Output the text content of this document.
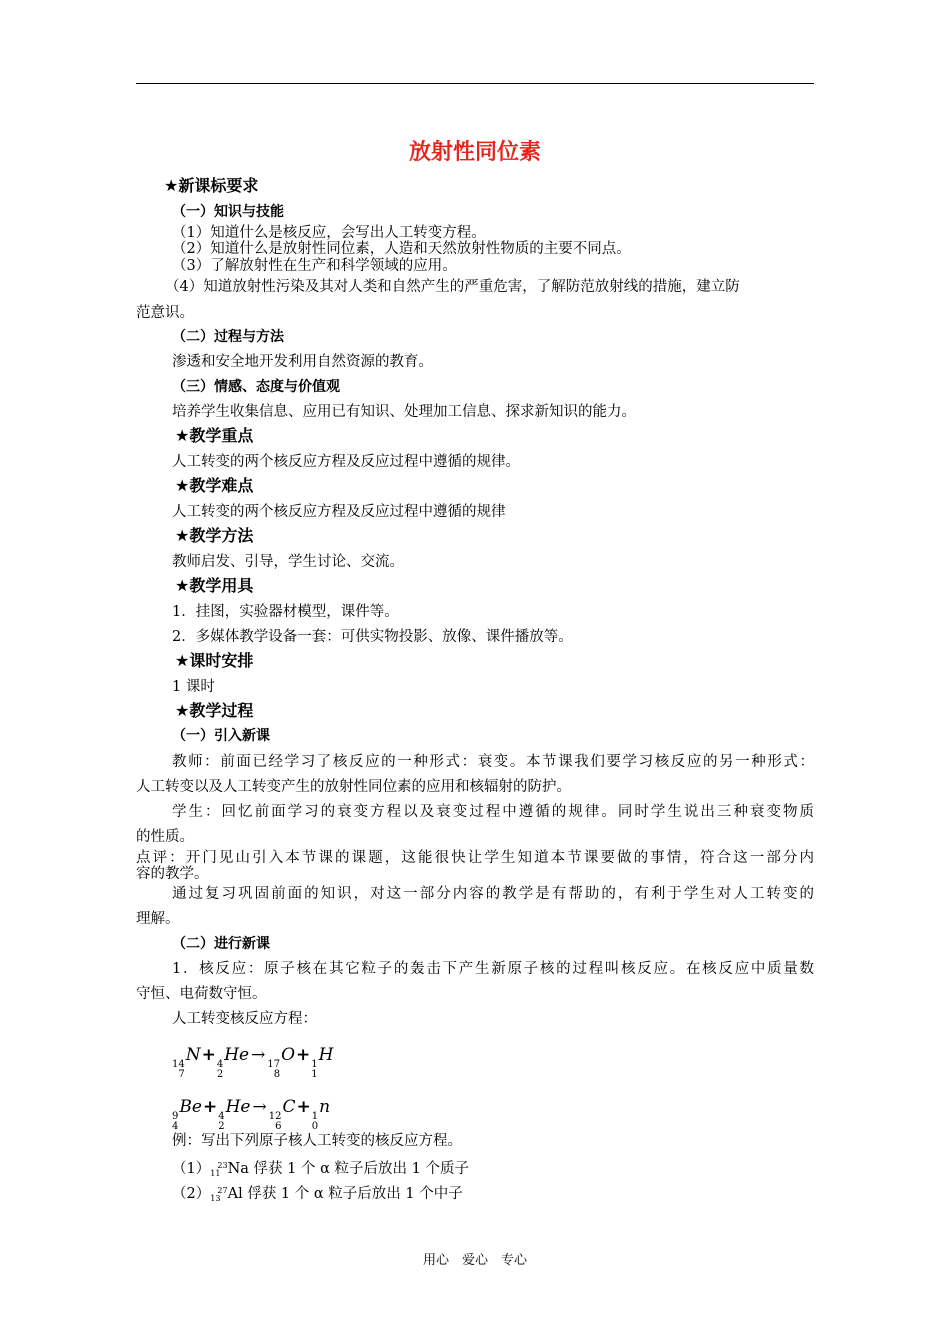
放射性同位素
★新课标要求
（一）知识与技能
（1）知道什么是核反应，会写出人工转变方程。
（2）知道什么是放射性同位素，人造和天然放射性物质的主要不同点。
（3）了解放射性在生产和科学领域的应用。
（4）知道放射性污染及其对人类和自然产生的严重危害，了解防范放射线的措施，建立防
范意识。
（二）过程与方法
渗透和安全地开发利用自然资源的教育。
（三）情感、态度与价值观
培养学生收集信息、应用已有知识、处理加工信息、探求新知识的能力。
★教学重点
人工转变的两个核反应方程及反应过程中遵循的规律。
★教学难点
人工转变的两个核反应方程及反应过程中遵循的规律
★教学方法
教师启发、引导，学生讨论、交流。
★教学用具
1．挂图，实验器材模型，课件等。
2．多媒体教学设备一套：可供实物投影、放像、课件播放等。
★课时安排
1 课时
★教学过程
（一）引入新课
教师：前面已经学习了核反应的一种形式：衰变。本节课我们要学习核反应的另一种形式：
人工转变以及人工转变产生的放射性同位素的应用和核辐射的防护。
学生：回忆前面学习的衰变方程以及衰变过程中遵循的规律。同时学生说出三种衰变物质
的性质。
点评：开门见山引入本节课的课题，这能很快让学生知道本节课要做的事情，符合这一部分内
容的教学。
通过复习巩固前面的知识，对这一部分内容的教学是有帮助的，有利于学生对人工转变的
理解。
（二）进行新课
1．核反应：原子核在其它粒子的轰击下产生新原子核的过程叫核反应。在核反应中质量数
守恒、电荷数守恒。
人工转变核反应方程：
14
7
N+ 4
2
He → 17
8
O+ 1
1
H
9
4
Be+ 4
2
He → 12
6
C+ 1
0
n
例：写出下列原子核人工转变的核反应方程。
$(1)_{11}^{23}Na$ 俘获 1 个 α 粒子后放出 1 个质子
$(2)_{13}^{27}Al$ 俘获 1 个 α 粒子后放出 1 个中子
用心　爱心　专心
